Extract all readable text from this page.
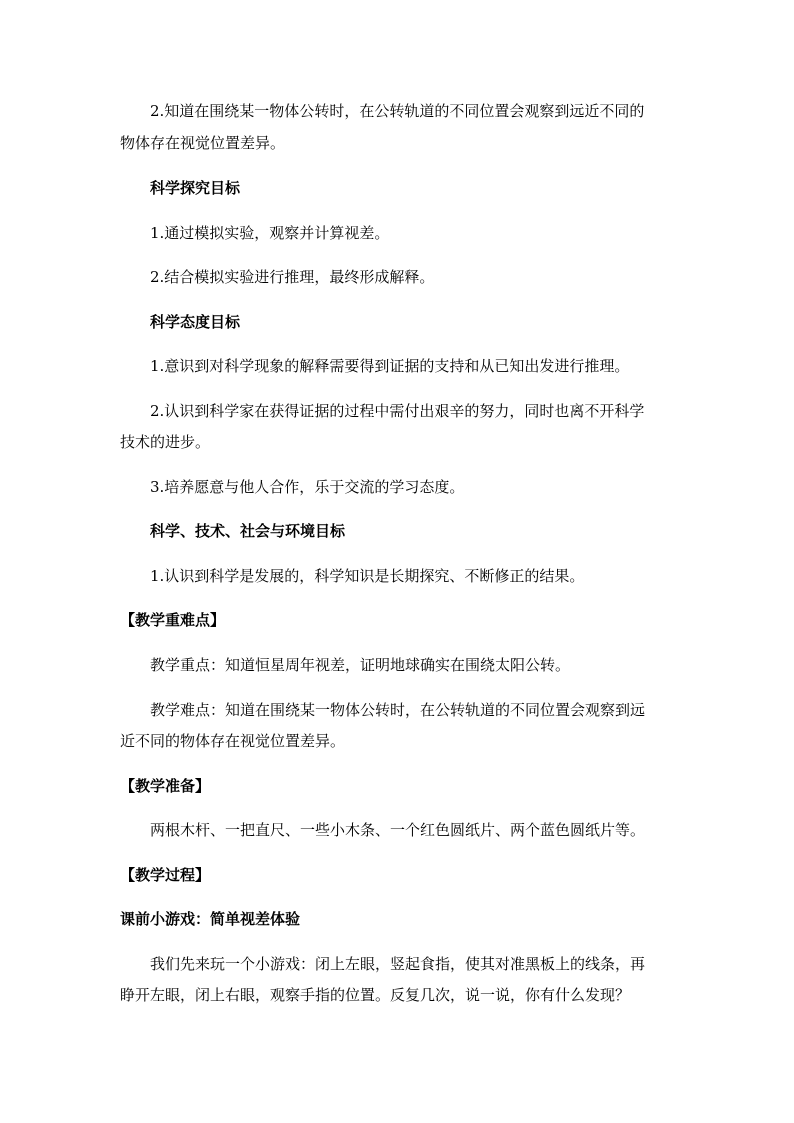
2.知道在围绕某一物体公转时，在公转轨道的不同位置会观察到远近不同的
物体存在视觉位置差异。
科学探究目标
1.通过模拟实验，观察并计算视差。
2.结合模拟实验进行推理，最终形成解释。
科学态度目标
1.意识到对科学现象的解释需要得到证据的支持和从已知出发进行推理。
2.认识到科学家在获得证据的过程中需付出艰辛的努力，同时也离不开科学
技术的进步。
3.培养愿意与他人合作，乐于交流的学习态度。
科学、技术、社会与环境目标
1.认识到科学是发展的，科学知识是长期探究、不断修正的结果。
【教学重难点】
教学重点：知道恒星周年视差，证明地球确实在围绕太阳公转。
教学难点：知道在围绕某一物体公转时，在公转轨道的不同位置会观察到远
近不同的物体存在视觉位置差异。
【教学准备】
两根木杆、一把直尺、一些小木条、一个红色圆纸片、两个蓝色圆纸片等。
【教学过程】
课前小游戏：简单视差体验
我们先来玩一个小游戏：闭上左眼，竖起食指，使其对准黑板上的线条，再
睁开左眼，闭上右眼，观察手指的位置。反复几次，说一说，你有什么发现？
